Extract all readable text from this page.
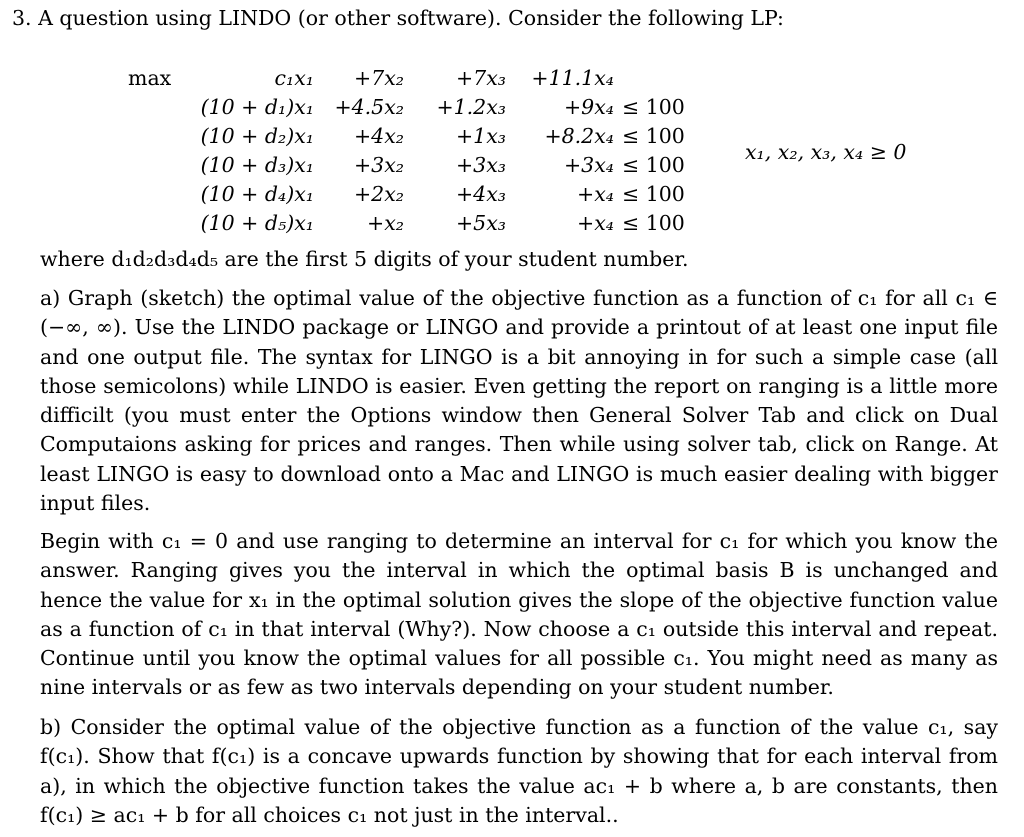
3. A question using LINDO (or other software). Consider the following LP:
max	c₁x₁	+7x₂	+7x₃	+11.1x₄
(10 + d₁)x₁ +4.5x₂	+1.2x₃	+9x₄ ≤ 100
(10 + d₂)x₁	+4x₂	+1x₃	+8.2x₄ ≤ 100
(10 + d₃)x₁	+3x₂	+3x₃	+3x₄ ≤ 100
(10 + d₄)x₁	+2x₂	+4x₃	+x₄ ≤ 100
(10 + d₅)x₁	+x₂	+5x₃	+x₄ ≤ 100
x₁, x₂, x₃, x₄ ≥ 0
where d₁d₂d₃d₄d₅ are the first 5 digits of your student number.
a) Graph (sketch) the optimal value of the objective function as a function of c₁ for all c₁ ∈ (−∞, ∞). Use the LINDO package or LINGO and provide a printout of at least one input file and one output file. The syntax for LINGO is a bit annoying in for such a simple case (all those semicolons) while LINDO is easier. Even getting the report on ranging is a little more difficilt (you must enter the Options window then General Solver Tab and click on Dual Computaions asking for prices and ranges. Then while using solver tab, click on Range. At least LINGO is easy to download onto a Mac and LINGO is much easier dealing with bigger input files.
Begin with c₁ = 0 and use ranging to determine an interval for c₁ for which you know the answer. Ranging gives you the interval in which the optimal basis B is unchanged and hence the value for x₁ in the optimal solution gives the slope of the objective function value as a function of c₁ in that interval (Why?). Now choose a c₁ outside this interval and repeat. Continue until you know the optimal values for all possible c₁. You might need as many as nine intervals or as few as two intervals depending on your student number.
b) Consider the optimal value of the objective function as a function of the value c₁, say f(c₁). Show that f(c₁) is a concave upwards function by showing that for each interval from a), in which the objective function takes the value ac₁ + b where a, b are constants, then f(c₁) ≥ ac₁ + b for all choices c₁ not just in the interval..
